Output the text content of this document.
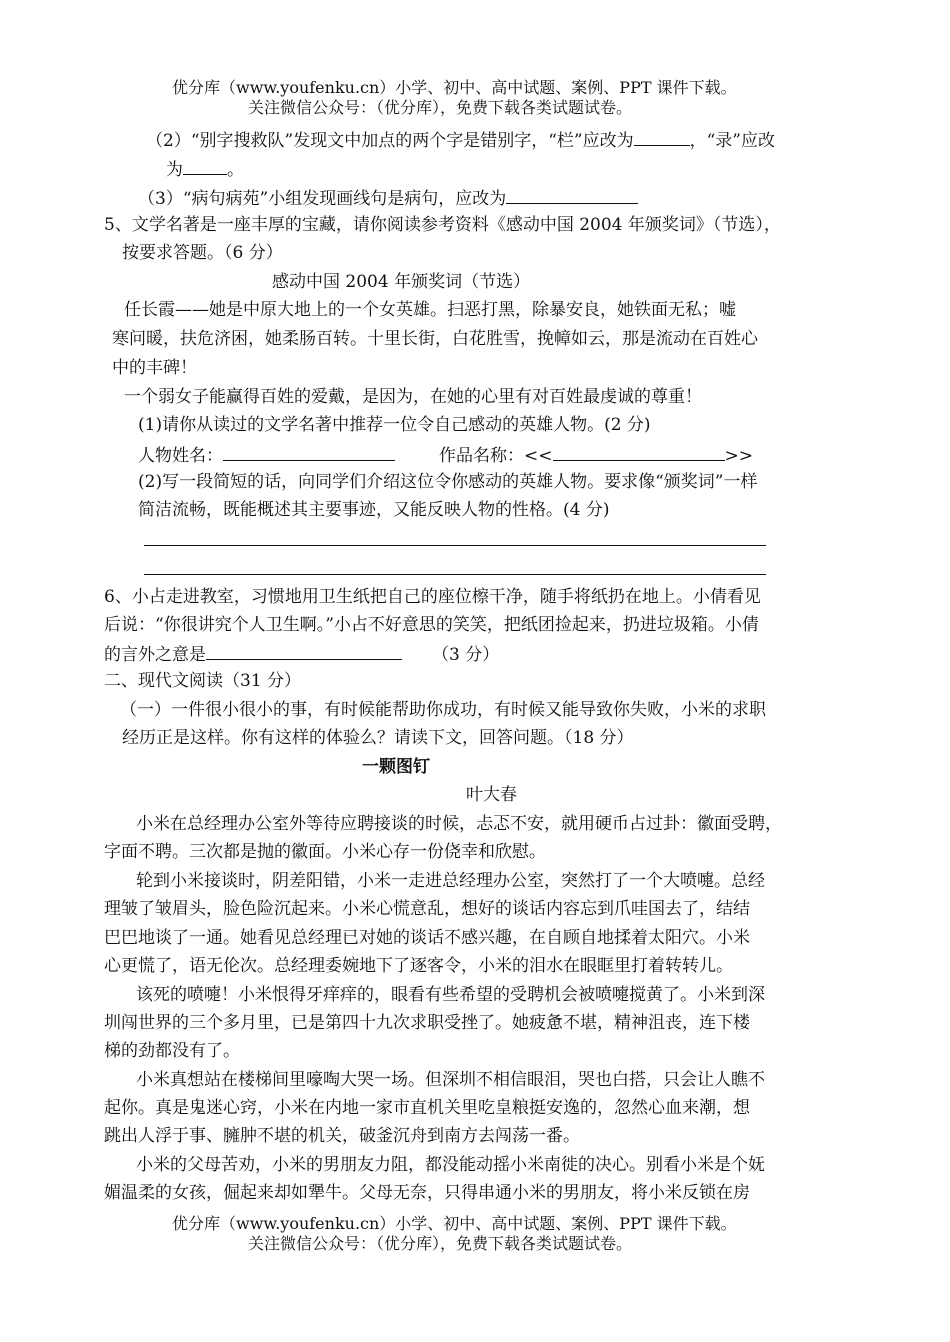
优分库（www.youfenku.cn）小学、初中、高中试题、案例、PPT 课件下载。
关注微信公众号：（优分库），免费下载各类试题试卷。
（2）“别字搜救队”发现文中加点的两个字是错别字，“栏”应改为	，“录”应改
为	。
（3）“病句病苑”小组发现画线句是病句，应改为
5、文学名著是一座丰厚的宝藏，请你阅读参考资料《感动中国 2004 年颁奖词》（节选），
按要求答题。（6 分）
感动中国 2004 年颁奖词（节选）
任长霞——她是中原大地上的一个女英雄。扫恶打黑，除暴安良，她铁面无私；嘘
寒问暖，扶危济困，她柔肠百转。十里长街，白花胜雪，挽幛如云，那是流动在百姓心
中的丰碑！
一个弱女子能赢得百姓的爱戴，是因为，在她的心里有对百姓最虔诚的尊重！
(1)请你从读过的文学名著中推荐一位令自己感动的英雄人物。(2 分)
人物姓名：	作品名称：<<	>>
(2)写一段简短的话，向同学们介绍这位令你感动的英雄人物。要求像“颁奖词”一样
简洁流畅，既能概述其主要事迹，又能反映人物的性格。(4 分)
6、小占走进教室，习惯地用卫生纸把自己的座位檫干净，随手将纸扔在地上。小倩看见
后说：“你很讲究个人卫生啊。”小占不好意思的笑笑，把纸团捡起来，扔进垃圾箱。小倩
的言外之意是	（3 分）
二、现代文阅读（31 分）
（一）一件很小很小的事，有时候能帮助你成功，有时候又能导致你失败，小米的求职
经历正是这样。你有这样的体验么？请读下文，回答问题。（18 分）
一颗图钉
叶大春
小米在总经理办公室外等待应聘接谈的时候，忐忑不安，就用硬币占过卦：徽面受聘，
字面不聘。三次都是抛的徽面。小米心存一份侥幸和欣慰。
轮到小米接谈时，阴差阳错，小米一走进总经理办公室，突然打了一个大喷嚏。总经
理皱了皱眉头，脸色险沉起来。小米心慌意乱，想好的谈话内容忘到爪哇国去了，结结
巴巴地谈了一通。她看见总经理已对她的谈话不感兴趣，在自顾自地揉着太阳穴。小米
心更慌了，语无伦次。总经理委婉地下了逐客令，小米的泪水在眼眶里打着转转儿。
该死的喷嚏！小米恨得牙痒痒的，眼看有些希望的受聘机会被喷嚏搅黄了。小米到深
圳闯世界的三个多月里，已是第四十九次求职受挫了。她疲惫不堪，精神沮丧，连下楼
梯的劲都没有了。
小米真想站在楼梯间里嚎啕大哭一场。但深圳不相信眼泪，哭也白搭，只会让人瞧不
起你。真是鬼迷心窍，小米在内地一家市直机关里吃皇粮挺安逸的，忽然心血来潮，想
跳出人浮于事、臃肿不堪的机关，破釜沉舟到南方去闯荡一番。
小米的父母苦劝，小米的男朋友力阻，都没能动摇小米南徙的决心。别看小米是个妩
媚温柔的女孩，倔起来却如犟牛。父母无奈，只得串通小米的男朋友，将小米反锁在房
优分库（www.youfenku.cn）小学、初中、高中试题、案例、PPT 课件下载。
关注微信公众号：（优分库），免费下载各类试题试卷。
